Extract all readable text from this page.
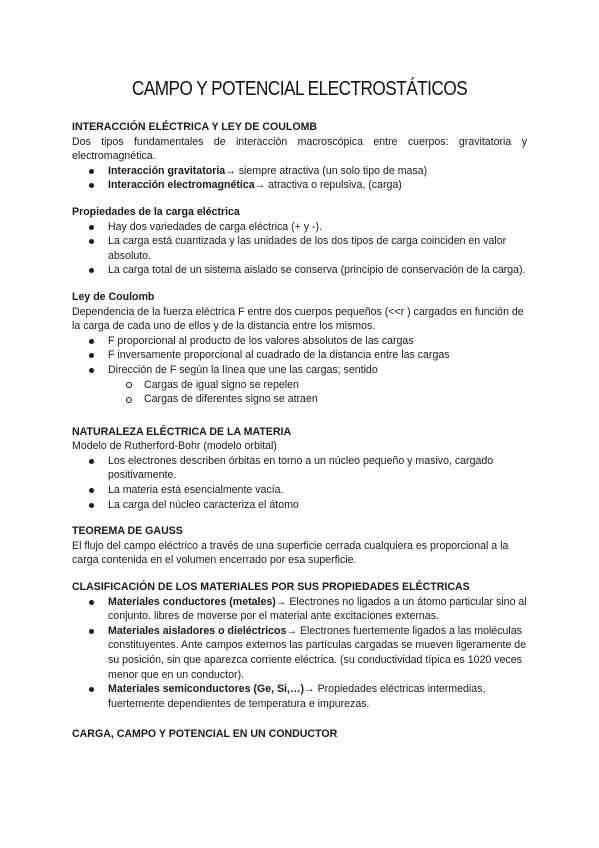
CAMPO Y POTENCIAL ELECTROSTÁTICOS

INTERACCIÓN ELÉCTRICA Y LEY DE COULOMB

Dos tipos fundamentales de interacción macroscópica entre cuerpos: gravitatoria y electromagnética.

Interacción gravitatoria→ siempre atractiva (un solo tipo de masa)
Interacción electromagnética→ atractiva o repulsiva, (carga)

Propiedades de la carga eléctrica

Hay dos variedades de carga eléctrica (+ y -).
La carga está cuantizada y las unidades de los dos tipos de carga coinciden en valor absoluto.
La carga total de un sistema aislado se conserva (principio de conservación de la carga).

Ley de Coulomb

Dependencia de la fuerza eléctrica F entre dos cuerpos pequeños (<<r ) cargados en función de la carga de cada uno de ellos y de la distancia entre los mismos.

F proporcional al producto de los valores absolutos de las cargas
F inversamente proporcional al cuadrado de la distancia entre las cargas
Dirección de F según la línea que une las cargas; sentido
Cargas de igual signo se repelen
Cargas de diferentes signo se atraen

NATURALEZA ELÉCTRICA DE LA MATERIA

Modelo de Rutherford-Bohr (modelo orbital)

Los electrones describen órbitas en torno a un núcleo pequeño y masivo, cargado positivamente.
La materia está esencialmente vacía.
La carga del núcleo caracteriza el átomo

TEOREMA DE GAUSS

El flujo del campo eléctrico a través de una superficie cerrada cualquiera es proporcional a la carga contenida en el volumen encerrado por esa superficie.

CLASIFICACIÓN DE LOS MATERIALES POR SUS PROPIEDADES ELÉCTRICAS

Materiales conductores (metales)→ Electrones no ligados a un átomo particular sino al conjunto. libres de moverse por el material ante excitaciones externas.
Materiales aisladores o dieléctricos→ Electrones fuertemente ligados a las moléculas constituyentes. Ante campos externos las partículas cargadas se mueven ligeramente de su posición, sin que aparezca corriente eléctrica. (su conductividad típica es 1020 veces menor que en un conductor).
Materiales semiconductores (Ge, Si,…)→ Propiedades eléctricas intermedias, fuertemente dependientes de temperatura e impurezas.

CARGA, CAMPO Y POTENCIAL EN UN CONDUCTOR
